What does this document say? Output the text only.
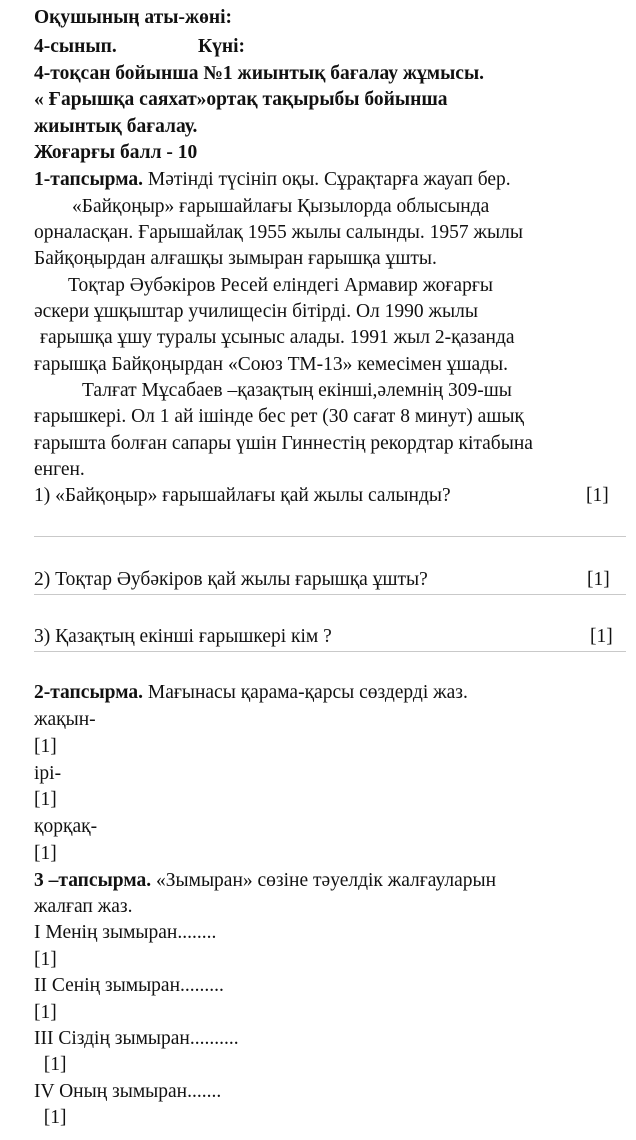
Оқушының аты-жөні:
4-сынып.	Күні:
4-тоқсан бойынша №1 жиынтық бағалау жұмысы.
« Ғарышқа саяхат»ортақ тақырыбы бойынша
жиынтық бағалау.
Жоғарғы балл - 10
1-тапсырма. Мәтінді түсініп оқы. Сұрақтарға жауап бер.
«Байқоңыр» ғарышайлағы Қызылорда облысында
орналасқан. Ғарышайлақ 1955 жылы салынды. 1957 жылы
Байқоңырдан алғашқы зымыран ғарышқа ұшты.
Тоқтар Әубәкіров Ресей еліндегі Армавир жоғарғы
әскери ұшқыштар училищесін бітірді. Ол 1990 жылы
ғарышқа ұшу туралы ұсыныс алады. 1991 жыл 2-қазанда
ғарышқа Байқоңырдан «Союз ТМ-13» кемесімен ұшады.
Талғат Мұсабаев –қазақтың екінші,әлемнің 309-шы
ғарышкері. Ол 1 ай ішінде бес рет (30 сағат 8 минут) ашық
ғарышта болған сапары үшін Гиннестің рекордтар кітабына
енген.
1) «Байқоңыр» ғарышайлағы қай жылы салынды?	[1]
2) Тоқтар Әубәкіров қай жылы ғарышқа ұшты?	[1]
3) Қазақтың екінші ғарышкері кім ?	[1]
2-тапсырма. Мағынасы қарама-қарсы сөздерді жаз.
жақын-
[1]
ірі-
[1]
қорқақ-
[1]
3 –тапсырма. «Зымыран» сөзіне тәуелдік жалғауларын
жалғап жаз.
I Менің зымыран........
[1]
II Сенің зымыран.........
[1]
III Сіздің зымыран..........
[1]
IV Оның зымыран.......
[1]
